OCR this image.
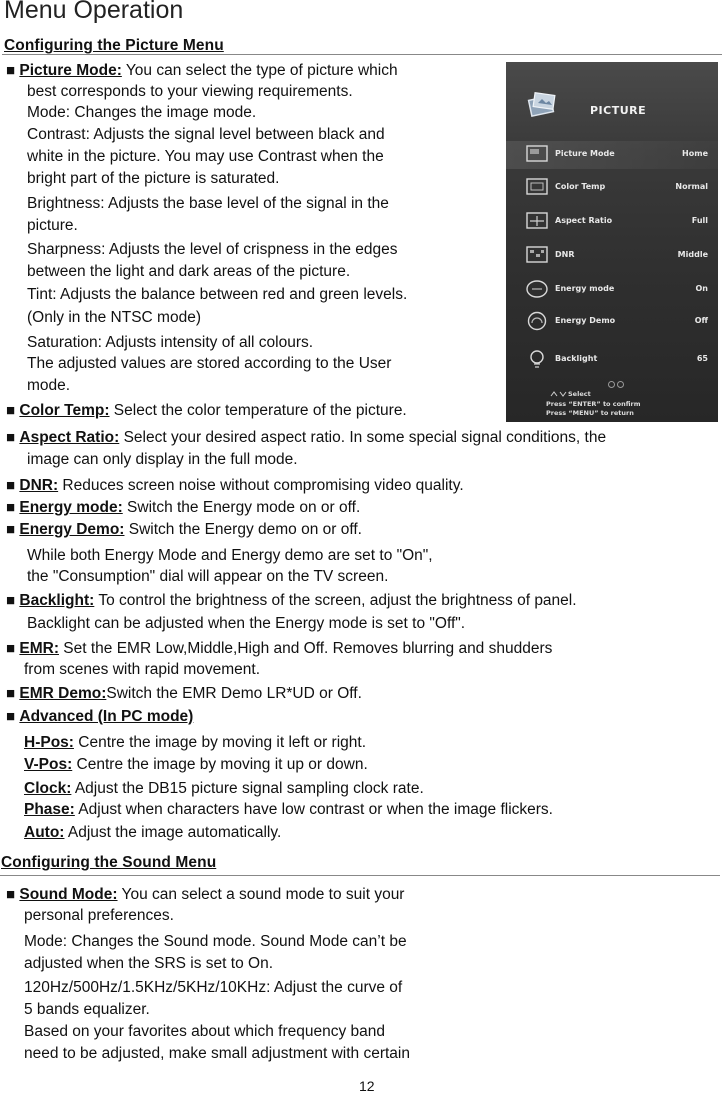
Menu Operation
Configuring the Picture Menu
■ Picture Mode: You can select the type of picture which
best corresponds to your viewing requirements.
Mode: Changes the image mode.
Contrast: Adjusts the signal level between black and
white in the picture. You may use Contrast when the
bright part of the picture is saturated.
Brightness: Adjusts the base level of the signal in the
picture.
Sharpness: Adjusts the level of crispness in the edges
between the light and dark areas of the picture.
Tint: Adjusts the balance between red and green levels.
(Only in the NTSC mode)
Saturation: Adjusts intensity of all colours.
The adjusted values are stored according to the User
mode.
■ Color Temp: Select the color temperature of the picture.
■ Aspect Ratio: Select your desired aspect ratio. In some special signal conditions, the
image can only display in the full mode.
■ DNR: Reduces screen noise without compromising video quality.
■ Energy mode: Switch the Energy mode on or off.
■ Energy Demo: Switch the Energy demo on or off.
While both Energy Mode and Energy demo are set to "On",
the "Consumption" dial will appear on the TV screen.
■ Backlight: To control the brightness of the screen, adjust the brightness of panel.
Backlight can be adjusted when the Energy mode is set to "Off".
■ EMR: Set the EMR Low,Middle,High and Off. Removes blurring and shudders
from scenes with rapid movement.
■ EMR Demo:Switch the EMR Demo LR*UD or Off.
■ Advanced (In PC mode)
H-Pos: Centre the image by moving it left or right.
V-Pos: Centre the image by moving it up or down.
Clock: Adjust the DB15 picture signal sampling clock rate.
Phase: Adjust when characters have low contrast or when the image flickers.
Auto: Adjust the image automatically.
Configuring the Sound Menu
■ Sound Mode: You can select a sound mode to suit your
personal preferences.
Mode: Changes the Sound mode. Sound Mode can’t be
adjusted when the SRS is set to On.
120Hz/500Hz/1.5KHz/5KHz/10KHz: Adjust the curve of
5 bands equalizer.
Based on your favorites about which frequency band
need to be adjusted, make small adjustment with certain
12
PICTURE
Picture Mode	Home
Color Temp	Normal
Aspect Ratio	Full
DNR	Middle
Energy mode	On
Energy Demo	Off
Backlight	65
Select
Press “ENTER” to confirm
Press “MENU” to return
